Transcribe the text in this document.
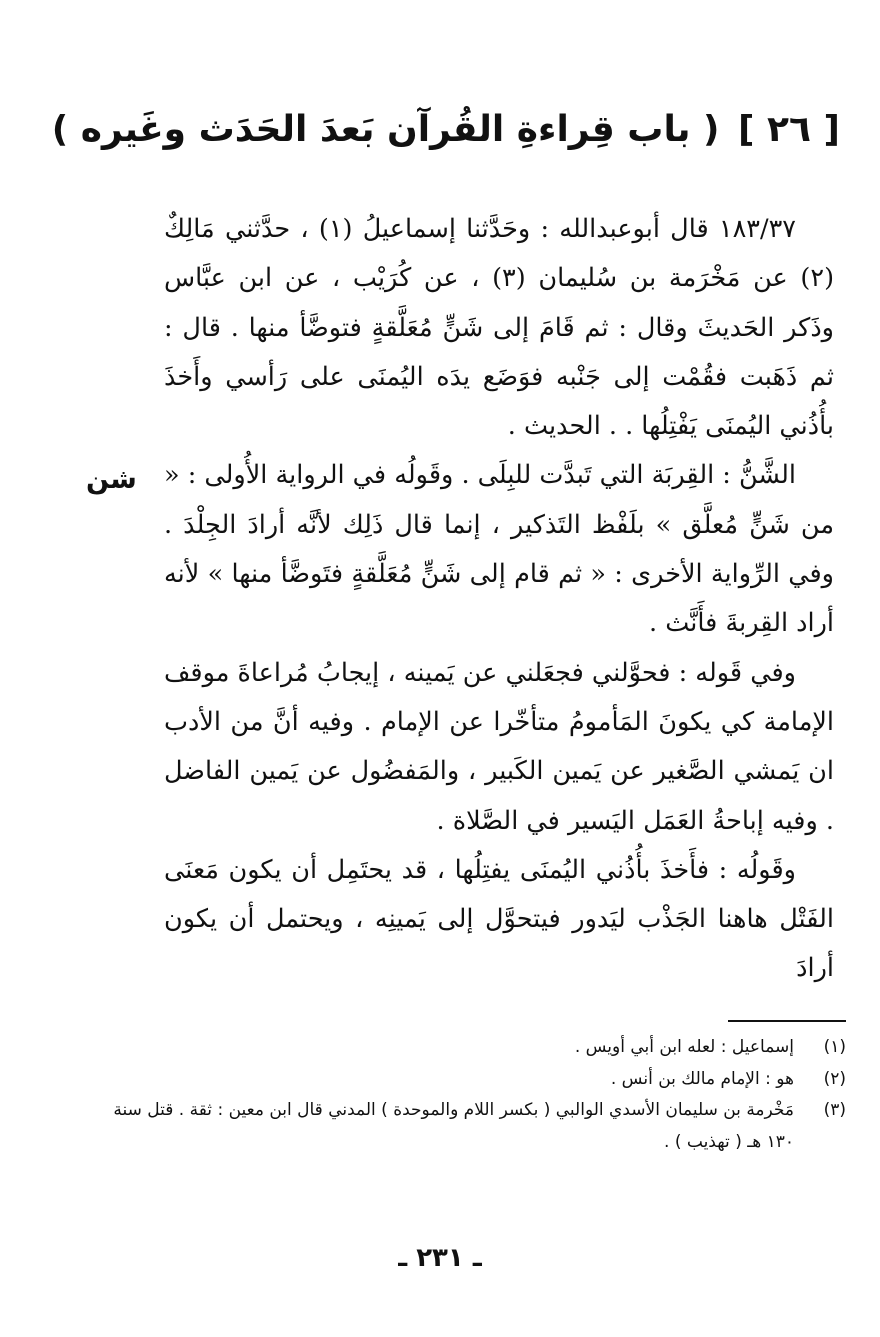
[ ٢٦ ] ( باب قِراءةِ القُرآن بَعدَ الحَدَث وغَيره )
شن

١٨٣/٣٧ قال أبوعبدالله : وحَدَّثنا إسماعيلُ (١) ، حدَّثني مَالِكٌ (٢) عن مَخْرَمة بن سُليمان (٣) ، عن كُرَيْب ، عن ابن عبَّاس وذَكر الحَديثَ وقال : ثم قَامَ إلى شَنٍّ مُعَلَّقةٍ فتوضَّأ منها . قال : ثم ذَهَبت فقُمْت إلى جَنْبه فوَضَع يدَه اليُمنَى على رَأسي وأَخذَ بأُذُني اليُمنَى يَفْتِلُها . . الحديث .

الشَّنُّ : القِربَة التي تَبدَّت للبِلَى . وقَولُه في الرواية الأُولى : « من شَنٍّ مُعلَّق » بلَفْظ التَذكير ، إنما قال ذَلِك لأنَّه أرادَ الجِلْدَ . وفي الرِّواية الأخرى : « ثم قام إلى شَنٍّ مُعَلَّقةٍ فتَوضَّأ منها » لأنه أراد القِربةَ فأَنَّث .

وفي قَوله : فحوَّلني فجعَلني عن يَمينه ، إيجابُ مُراعاةَ موقف الإمامة كي يكونَ المَأمومُ متأخّرا عن الإمام . وفيه أنَّ من الأدب ان يَمشي الصَّغير عن يَمين الكَبير ، والمَفضُول عن يَمين الفاضل . وفيه إباحةُ العَمَل اليَسير في الصَّلاة .

وقَولُه : فأَخذَ بأُذُني اليُمنَى يفتِلُها ، قد يحتَمِل أن يكون مَعنَى الفَتْل هاهنا الجَذْب ليَدور فيتحوَّل إلى يَمينِه ، ويحتمل أن يكون أرادَ

(١)
إسماعيل : لعله ابن أبي أويس .
(٢)
هو : الإمام مالك بن أنس .
(٣)
مَخْرمة بن سليمان الأسدي الوالبي ( بكسر اللام والموحدة ) المدني قال ابن معين : ثقة . قتل سنة ١٣٠ هـ ( تهذيب ) .
ـ ٢٣١ ـ
